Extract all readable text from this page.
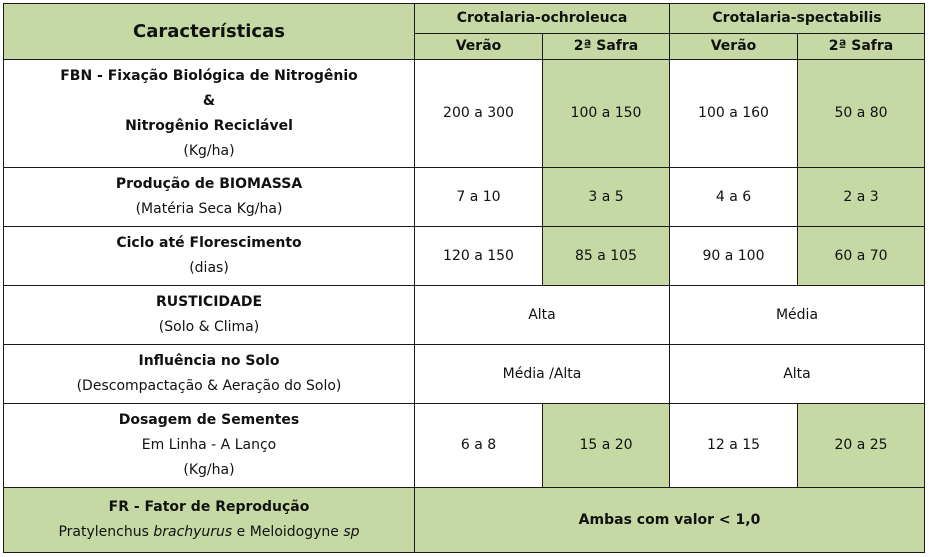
Características	Crotalaria-ochroleuca		Crotalaria-spectabilis	
	Verão	2ª Safra	Verão	2ª Safra

FBN - Fixação Biológica de Nitrogênio
&
Nitrogênio Reciclável
(Kg/ha)	200 a 300	100 a 150	100 a 160	50 a 80

Produção de BIOMASSA
(Matéria Seca Kg/ha)	7 a 10	3 a 5	4 a 6	2 a 3

Ciclo até Florescimento
(dias)	120 a 150	85 a 105	90 a 100	60 a 70

RUSTICIDADE
(Solo & Clima)	Alta		Média	

Influência no Solo
(Descompactação & Aeração do Solo)	Média /Alta		Alta	

Dosagem de Sementes
Em Linha - A Lanço
(Kg/ha)	6 a 8	15 a 20	12 a 15	20 a 25

FR - Fator de Reprodução
Pratylenchus brachyurus e Meloidogyne sp	Ambas com valor < 1,0			
